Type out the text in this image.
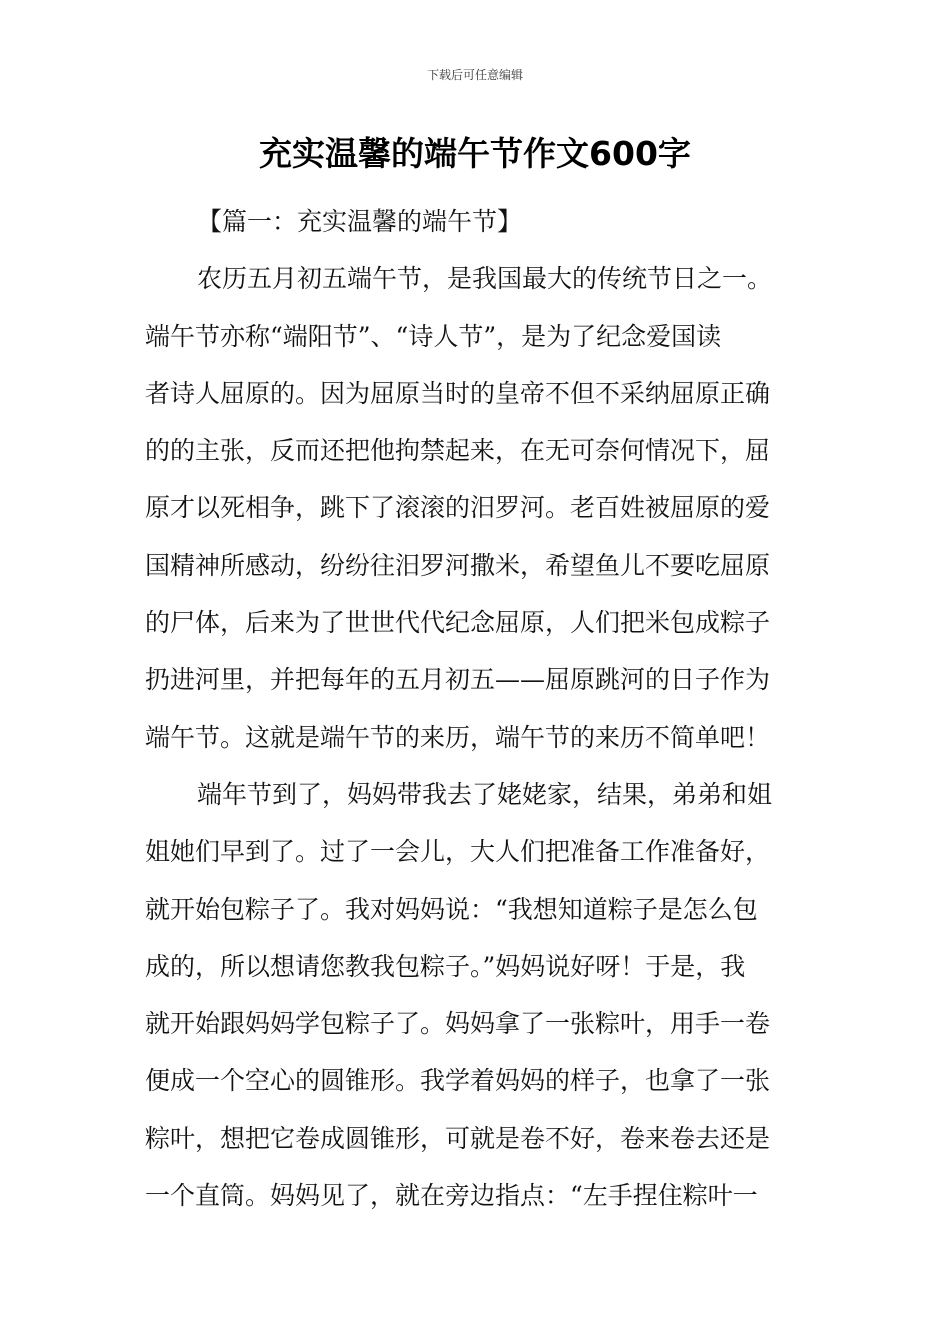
下载后可任意编辑
充实温馨的端午节作文600字
【篇一：充实温馨的端午节】
农历五月初五端午节，是我国最大的传统节日之一。
端午节亦称“端阳节”、“诗人节”，是为了纪念爱国读
者诗人屈原的。因为屈原当时的皇帝不但不采纳屈原正确
的的主张，反而还把他拘禁起来，在无可奈何情况下，屈
原才以死相争，跳下了滚滚的汨罗河。老百姓被屈原的爱
国精神所感动，纷纷往汨罗河撒米，希望鱼儿不要吃屈原
的尸体，后来为了世世代代纪念屈原，人们把米包成粽子
扔进河里，并把每年的五月初五——屈原跳河的日子作为
端午节。这就是端午节的来历，端午节的来历不简单吧！
端年节到了，妈妈带我去了姥姥家，结果，弟弟和姐
姐她们早到了。过了一会儿，大人们把准备工作准备好，
就开始包粽子了。我对妈妈说：“我想知道粽子是怎么包
成的，所以想请您教我包粽子。”妈妈说好呀！于是，我
就开始跟妈妈学包粽子了。妈妈拿了一张粽叶，用手一卷
便成一个空心的圆锥形。我学着妈妈的样子，也拿了一张
粽叶，想把它卷成圆锥形，可就是卷不好，卷来卷去还是
一个直筒。妈妈见了，就在旁边指点：“左手捏住粽叶一
